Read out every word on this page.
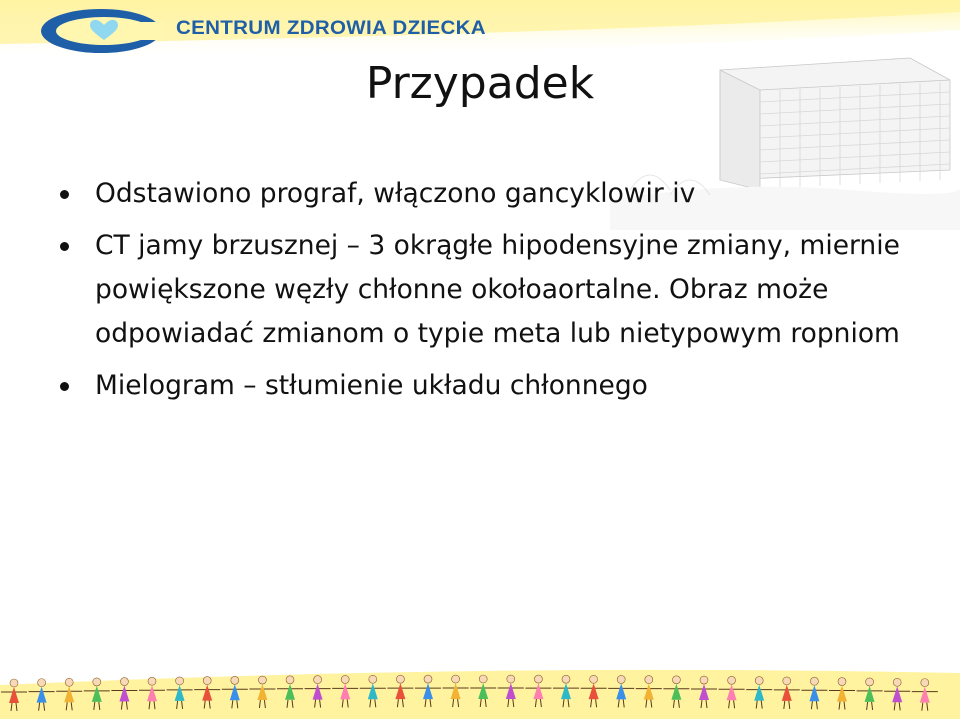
CENTRUM ZDROWIA DZIECKA
Przypadek
Odstawiono prograf, włączono gancyklowir iv
CT jamy brzusznej – 3 okrągłe hipodensyjne zmiany, miernie powiększone węzły chłonne okołoaortalne. Obraz może odpowiadać zmianom o typie meta lub nietypowym ropniom
Mielogram – stłumienie układu chłonnego
